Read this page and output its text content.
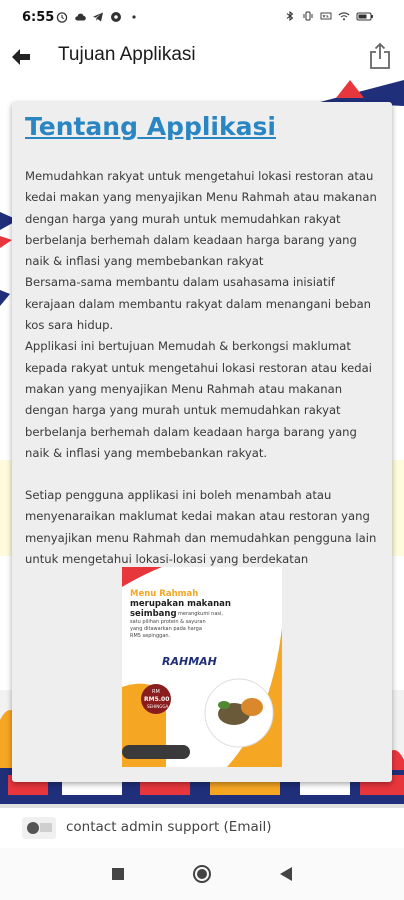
6:55
Tujuan Applikasi
Tentang Applikasi

Memudahkan rakyat untuk mengetahui lokasi restoran atau kedai makan yang menyajikan Menu Rahmah atau makanan dengan harga yang murah untuk memudahkan rakyat berbelanja berhemah dalam keadaan harga barang yang naik & inflasi yang membebankan rakyat

Bersama-sama membantu dalam usahasama inisiatif kerajaan dalam membantu rakyat dalam menangani beban kos sara hidup.

Applikasi ini bertujuan Memudah & berkongsi maklumat kepada rakyat untuk mengetahui lokasi restoran atau kedai makan yang menyajikan Menu Rahmah atau makanan dengan harga yang murah untuk memudahkan rakyat berbelanja berhemah dalam keadaan harga barang yang naik & inflasi yang membebankan rakyat.

Setiap pengguna applikasi ini boleh menambah atau menyenaraikan maklumat kedai makan atau restoran yang menyajikan menu Rahmah dan memudahkan pengguna lain untuk mengetahui lokasi-lokasi yang berdekatan

Menu Rahmah
merupakan makanan
seimbang merangkumi nasi,
satu pilihan protein & sayuran
yang ditawarkan pada harga
RM5 sepinggan.
RAHMAH
RM
RM5.00
SEHINGGA
contact admin support (Email)
